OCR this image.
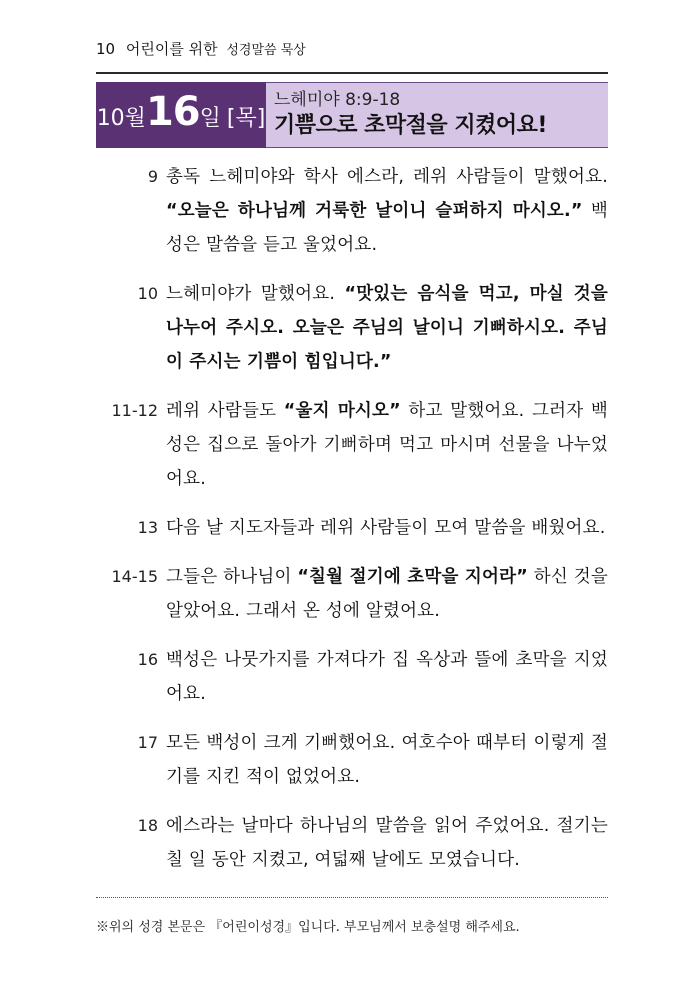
10 어린이를 위한 성경말씀 묵상
10월 16 일 [목]
느헤미야 8:9-18
기쁨으로 초막절을 지켰어요!
9 총독 느헤미야와 학사 에스라, 레위 사람들이 말했어요. “오늘은 하나님께 거룩한 날이니 슬퍼하지 마시오.” 백성은 말씀을 듣고 울었어요.
10 느헤미야가 말했어요. “맛있는 음식을 먹고, 마실 것을 나누어 주시오. 오늘은 주님의 날이니 기뻐하시오. 주님이 주시는 기쁨이 힘입니다.”
11-12 레위 사람들도 “울지 마시오” 하고 말했어요. 그러자 백성은 집으로 돌아가 기뻐하며 먹고 마시며 선물을 나누었어요.
13 다음 날 지도자들과 레위 사람들이 모여 말씀을 배웠어요.
14-15 그들은 하나님이 “칠월 절기에 초막을 지어라” 하신 것을 알았어요. 그래서 온 성에 알렸어요.
16 백성은 나뭇가지를 가져다가 집 옥상과 뜰에 초막을 지었어요.
17 모든 백성이 크게 기뻐했어요. 여호수아 때부터 이렇게 절기를 지킨 적이 없었어요.
18 에스라는 날마다 하나님의 말씀을 읽어 주었어요. 절기는 칠 일 동안 지켰고, 여덟째 날에도 모였습니다.
※위의 성경 본문은 『어린이성경』입니다. 부모님께서 보충설명 해주세요.
